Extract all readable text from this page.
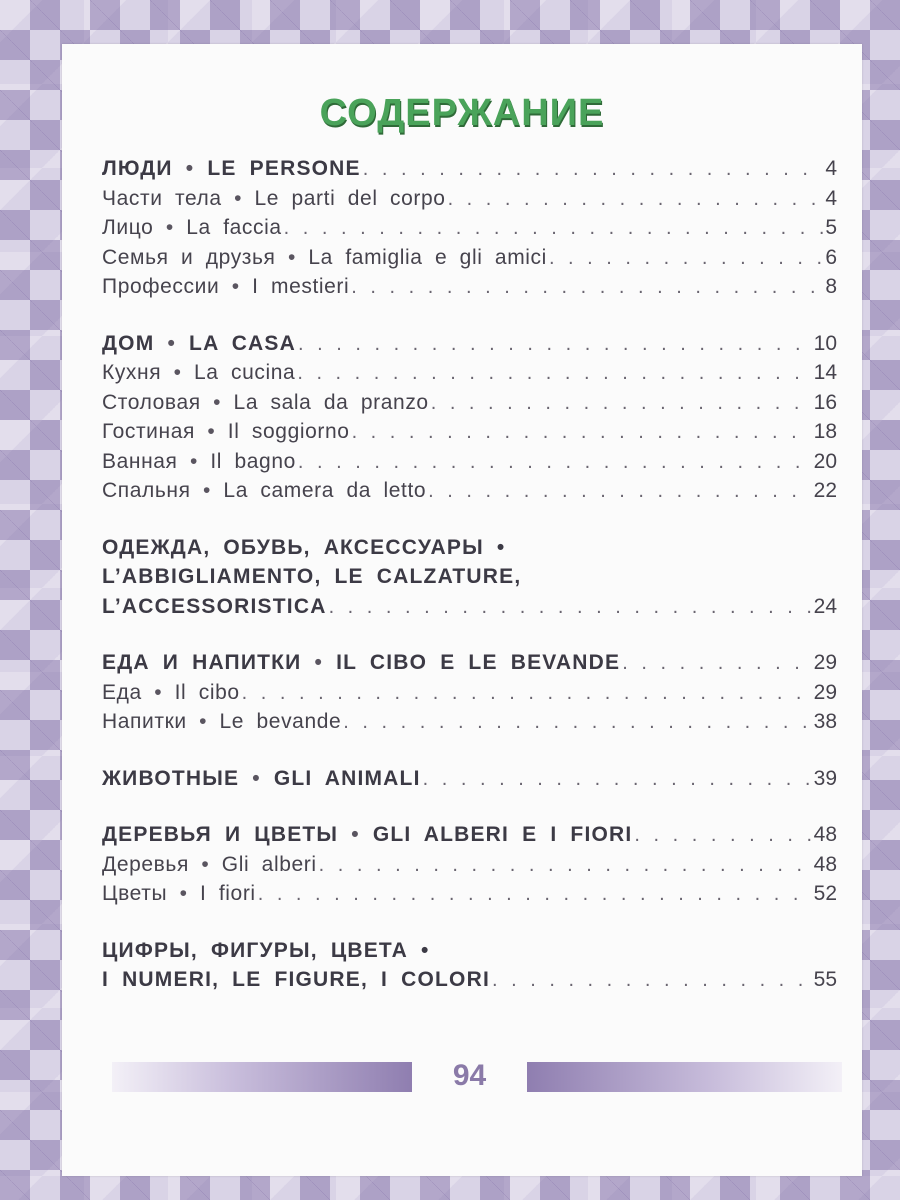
СОДЕРЖАНИЕ
ЛЮДИ • LE PERSONE . . .	4
Части тела • Le parti del corpo . . .	4
Лицо • La faccia . . .	5
Семья и друзья • La famiglia e gli amici . . .	6
Профессии • I mestieri . . .	8
ДОМ • LA CASA . . .	10
Кухня • La cucina . . .	14
Столовая • La sala da pranzo . . .	16
Гостиная • Il soggiorno . . .	18
Ванная • Il bagno . . .	20
Спальня • La camera da letto . . .	22
ОДЕЖДА, ОБУВЬ, АКСЕССУАРЫ •
L’ABBIGLIAMENTO, LE CALZATURE,
L’ACCESSORISTICA . . .	24
ЕДА И НАПИТКИ • IL CIBO E LE BEVANDE . . .	29
Еда • Il cibo . . .	29
Напитки • Le bevande . . .	38
ЖИВОТНЫЕ • GLI ANIMALI . . .	39
ДЕРЕВЬЯ И ЦВЕТЫ • GLI ALBERI E I FIORI . . .	48
Деревья • Gli alberi . . .	48
Цветы • I fiori . . .	52
ЦИФРЫ, ФИГУРЫ, ЦВЕТА •
I NUMERI, LE FIGURE, I COLORI . . .	55
94
